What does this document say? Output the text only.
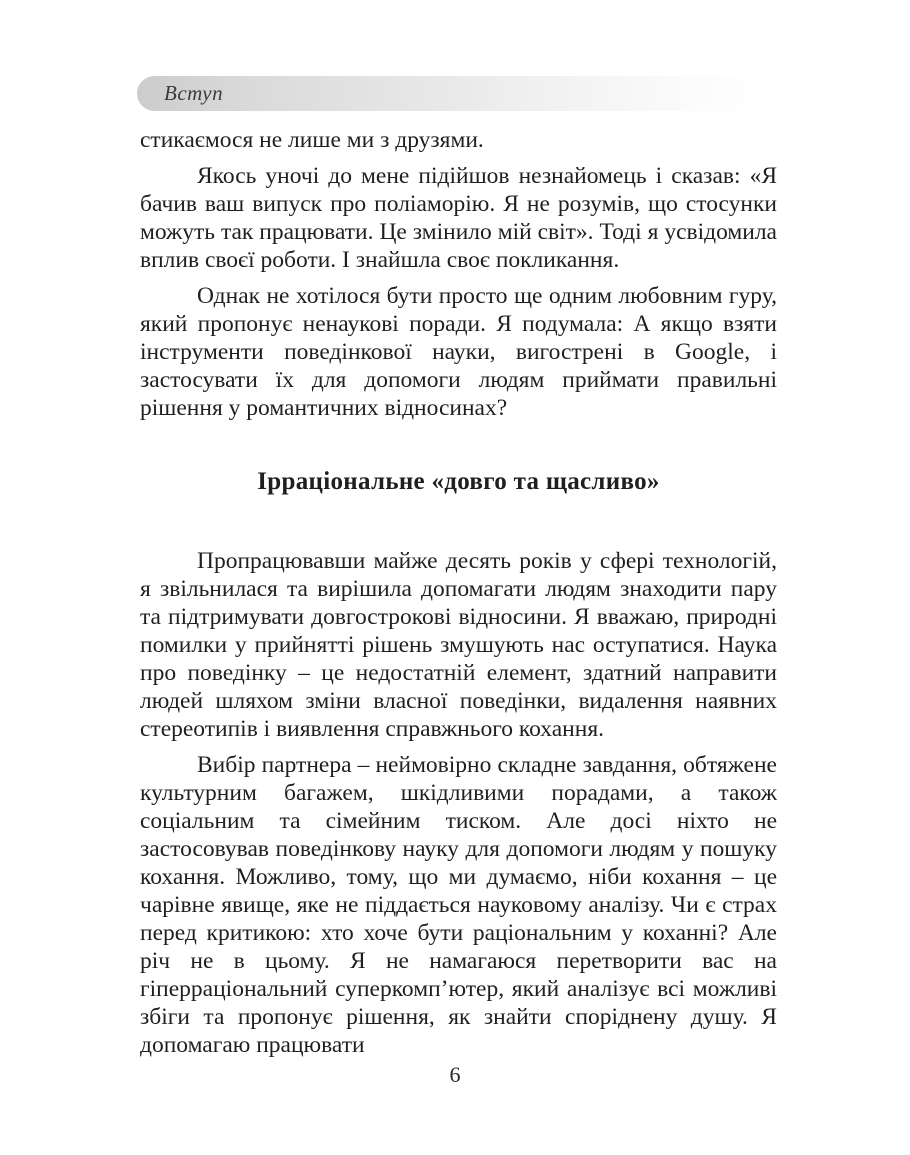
Вступ

стикаємося не лише ми з друзями.

Якось уночі до мене підійшов незнайомець і сказав: «Я бачив ваш випуск про поліаморію. Я не розумів, що стосунки можуть так працювати. Це змінило мій світ». Тоді я усвідомила вплив своєї роботи. І знайшла своє покликання.

Однак не хотілося бути просто ще одним любовним гуру, який пропонує ненаукові поради. Я подумала: А якщо взяти інструменти поведінкової науки, вигострені в Google, і застосувати їх для допомоги людям приймати правильні рішення у романтичних відносинах?

Ірраціональне «довго та щасливо»

Пропрацювавши майже десять років у сфері технологій, я звільнилася та вирішила допомагати людям знаходити пару та підтримувати довгострокові відносини. Я вважаю, природні помилки у прийнятті рішень змушують нас оступатися. Наука про поведінку – це недостатній елемент, здатний направити людей шляхом зміни власної поведінки, видалення наявних стереотипів і виявлення справжнього кохання.

Вибір партнера – неймовірно складне завдання, обтяжене культурним багажем, шкідливими порадами, а також соціальним та сімейним тиском. Але досі ніхто не застосовував поведінкову науку для допомоги людям у пошуку кохання. Можливо, тому, що ми думаємо, ніби кохання – це чарівне явище, яке не піддається науковому аналізу. Чи є страх перед критикою: хто хоче бути раціональним у коханні? Але річ не в цьому. Я не намагаюся перетворити вас на гіперраціональний суперкомп’ютер, який аналізує всі можливі збіги та пропонує рішення, як знайти споріднену душу. Я допомагаю працювати

6
